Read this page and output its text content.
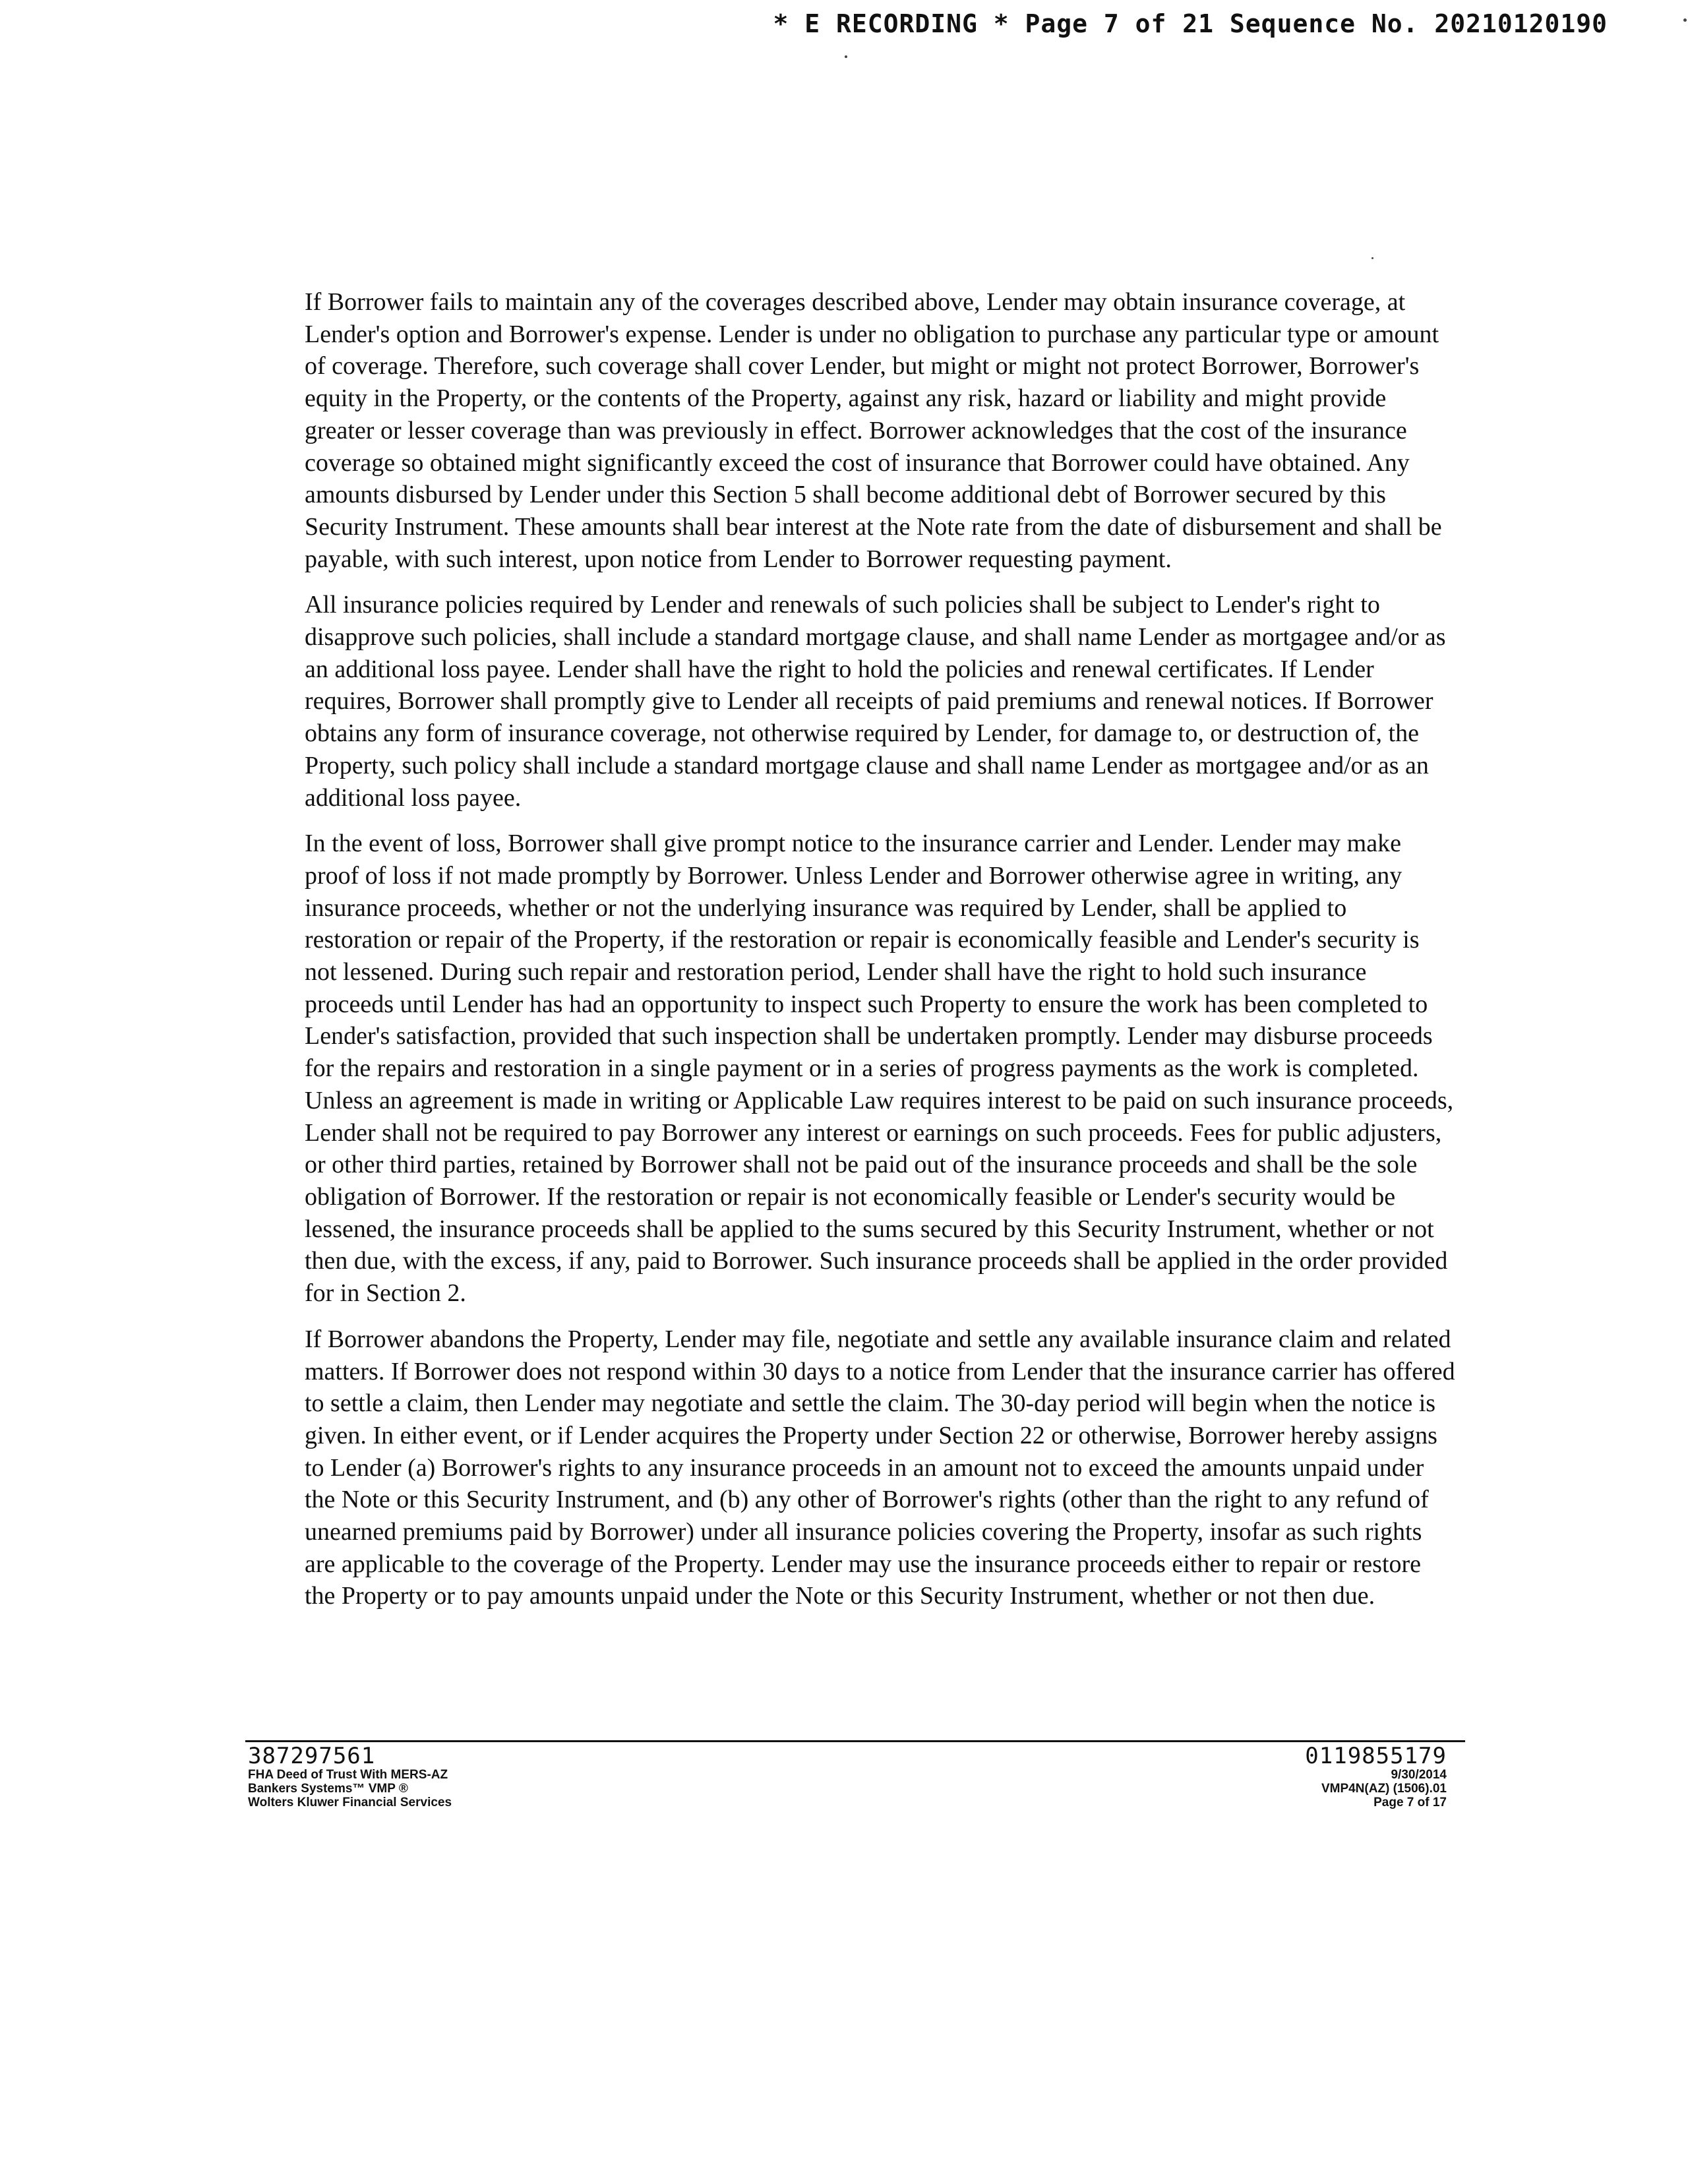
* E RECORDING * Page 7 of 21 Sequence No. 20210120190

If Borrower fails to maintain any of the coverages described above, Lender may obtain insurance coverage, at Lender's option and Borrower's expense. Lender is under no obligation to purchase any particular type or amount of coverage. Therefore, such coverage shall cover Lender, but might or might not protect Borrower, Borrower's equity in the Property, or the contents of the Property, against any risk, hazard or liability and might provide greater or lesser coverage than was previously in effect. Borrower acknowledges that the cost of the insurance coverage so obtained might significantly exceed the cost of insurance that Borrower could have obtained. Any amounts disbursed by Lender under this Section 5 shall become additional debt of Borrower secured by this Security Instrument. These amounts shall bear interest at the Note rate from the date of disbursement and shall be payable, with such interest, upon notice from Lender to Borrower requesting payment.

All insurance policies required by Lender and renewals of such policies shall be subject to Lender's right to disapprove such policies, shall include a standard mortgage clause, and shall name Lender as mortgagee and/or as an additional loss payee. Lender shall have the right to hold the policies and renewal certificates. If Lender requires, Borrower shall promptly give to Lender all receipts of paid premiums and renewal notices. If Borrower obtains any form of insurance coverage, not otherwise required by Lender, for damage to, or destruction of, the Property, such policy shall include a standard mortgage clause and shall name Lender as mortgagee and/or as an additional loss payee.

In the event of loss, Borrower shall give prompt notice to the insurance carrier and Lender. Lender may make proof of loss if not made promptly by Borrower. Unless Lender and Borrower otherwise agree in writing, any insurance proceeds, whether or not the underlying insurance was required by Lender, shall be applied to restoration or repair of the Property, if the restoration or repair is economically feasible and Lender's security is not lessened. During such repair and restoration period, Lender shall have the right to hold such insurance proceeds until Lender has had an opportunity to inspect such Property to ensure the work has been completed to Lender's satisfaction, provided that such inspection shall be undertaken promptly. Lender may disburse proceeds for the repairs and restoration in a single payment or in a series of progress payments as the work is completed. Unless an agreement is made in writing or Applicable Law requires interest to be paid on such insurance proceeds, Lender shall not be required to pay Borrower any interest or earnings on such proceeds. Fees for public adjusters, or other third parties, retained by Borrower shall not be paid out of the insurance proceeds and shall be the sole obligation of Borrower. If the restoration or repair is not economically feasible or Lender's security would be lessened, the insurance proceeds shall be applied to the sums secured by this Security Instrument, whether or not then due, with the excess, if any, paid to Borrower. Such insurance proceeds shall be applied in the order provided for in Section 2.

If Borrower abandons the Property, Lender may file, negotiate and settle any available insurance claim and related matters. If Borrower does not respond within 30 days to a notice from Lender that the insurance carrier has offered to settle a claim, then Lender may negotiate and settle the claim. The 30-day period will begin when the notice is given. In either event, or if Lender acquires the Property under Section 22 or otherwise, Borrower hereby assigns to Lender (a) Borrower's rights to any insurance proceeds in an amount not to exceed the amounts unpaid under the Note or this Security Instrument, and (b) any other of Borrower's rights (other than the right to any refund of unearned premiums paid by Borrower) under all insurance policies covering the Property, insofar as such rights are applicable to the coverage of the Property. Lender may use the insurance proceeds either to repair or restore the Property or to pay amounts unpaid under the Note or this Security Instrument, whether or not then due.

387297561
FHA Deed of Trust With MERS-AZ
Bankers Systems™ VMP ®
Wolters Kluwer Financial Services
0119855179
9/30/2014
VMP4N(AZ) (1506).01
Page 7 of 17
